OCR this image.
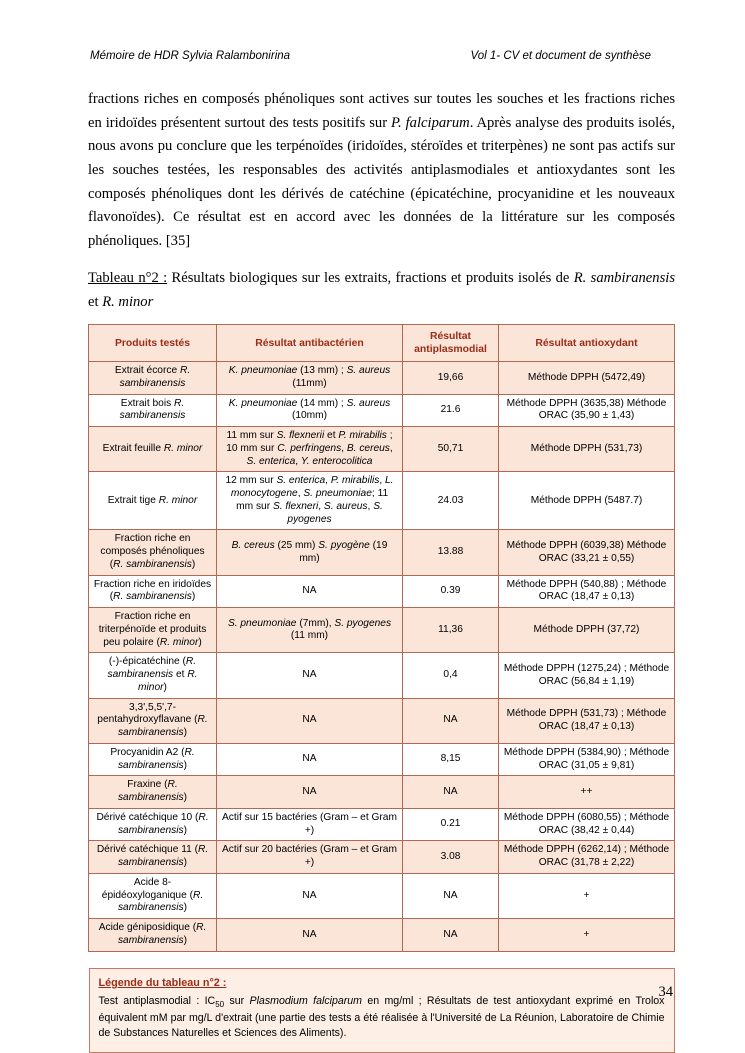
Mémoire de HDR Sylvia Ralambonirina	Vol 1- CV et document de synthèse

fractions riches en composés phénoliques sont actives sur toutes les souches et les fractions riches en iridoïdes présentent surtout des tests positifs sur P. falciparum. Après analyse des produits isolés, nous avons pu conclure que les terpénoïdes (iridoïdes, stéroïdes et triterpènes) ne sont pas actifs sur les souches testées, les responsables des activités antiplasmodiales et antioxydantes sont les composés phénoliques dont les dérivés de catéchine (épicatéchine, procyanidine et les nouveaux flavonoïdes). Ce résultat est en accord avec les données de la littérature sur les composés phénoliques. [35]

Tableau n°2 : Résultats biologiques sur les extraits, fractions et produits isolés de R. sambiranensis et R. minor

Produits testés	Résultat antibactérien	Résultat antiplasmodial	Résultat antioxydant
Extrait écorce R. sambiranensis	K. pneumoniae (13 mm) ; S. aureus (11mm)	19,66	Méthode DPPH (5472,49)
Extrait bois R. sambiranensis	K. pneumoniae (14 mm) ; S. aureus (10mm)	21.6	Méthode DPPH (3635,38) Méthode ORAC (35,90 ± 1,43)
Extrait feuille R. minor	11 mm sur S. flexnerii et P. mirabilis ; 10 mm sur C. perfringens, B. cereus, S. enterica, Y. enterocolitica	50,71	Méthode DPPH (531,73)
Extrait tige R. minor	12 mm sur S. enterica, P. mirabilis, L. monocytogene, S. pneumoniae; 11 mm sur S. flexneri, S. aureus, S. pyogenes	24.03	Méthode DPPH (5487.7)
Fraction riche en composés phénoliques (R. sambiranensis)	B. cereus (25 mm) S. pyogène (19 mm)	13.88	Méthode DPPH (6039,38) Méthode ORAC (33,21 ± 0,55)
Fraction riche en iridoïdes (R. sambiranensis)	NA	0.39	Méthode DPPH (540,88) ; Méthode ORAC (18,47 ± 0,13)
Fraction riche en triterpénoïde et produits peu polaire (R. minor)	S. pneumoniae (7mm), S. pyogenes (11 mm)	11,36	Méthode DPPH (37,72)
(-)-épicatéchine (R. sambiranensis et R. minor)	NA	0,4	Méthode DPPH (1275,24) ; Méthode ORAC (56,84 ± 1,19)
3,3',5,5',7-pentahydroxyflavane (R. sambiranensis)	NA	NA	Méthode DPPH (531,73) ; Méthode ORAC (18,47 ± 0,13)
Procyanidin A2 (R. sambiranensis)	NA	8,15	Méthode DPPH (5384,90) ; Méthode ORAC (31,05 ± 9,81)
Fraxine (R. sambiranensis)	NA	NA	++
Dérivé catéchique 10 (R. sambiranensis)	Actif sur 15 bactéries (Gram – et Gram +)	0.21	Méthode DPPH (6080,55) ; Méthode ORAC (38,42 ± 0,44)
Dérivé catéchique 11 (R. sambiranensis)	Actif sur 20 bactéries (Gram – et Gram +)	3.08	Méthode DPPH (6262,14) ; Méthode ORAC (31,78 ± 2,22)
Acide 8-épidéoxyloganique (R. sambiranensis)	NA	NA	+
Acide géniposidique (R. sambiranensis)	NA	NA	+
Légende du tableau n°2 :
Test antiplasmodial : $IC_{50}$ sur Plasmodium falciparum en mg/ml ; Résultats de test antioxydant exprimé en Trolox équivalent mM par mg/L d'extrait (une partie des tests a été réalisée à l'Université de La Réunion, Laboratoire de Chimie de Substances Naturelles et Sciences des Aliments).
34
